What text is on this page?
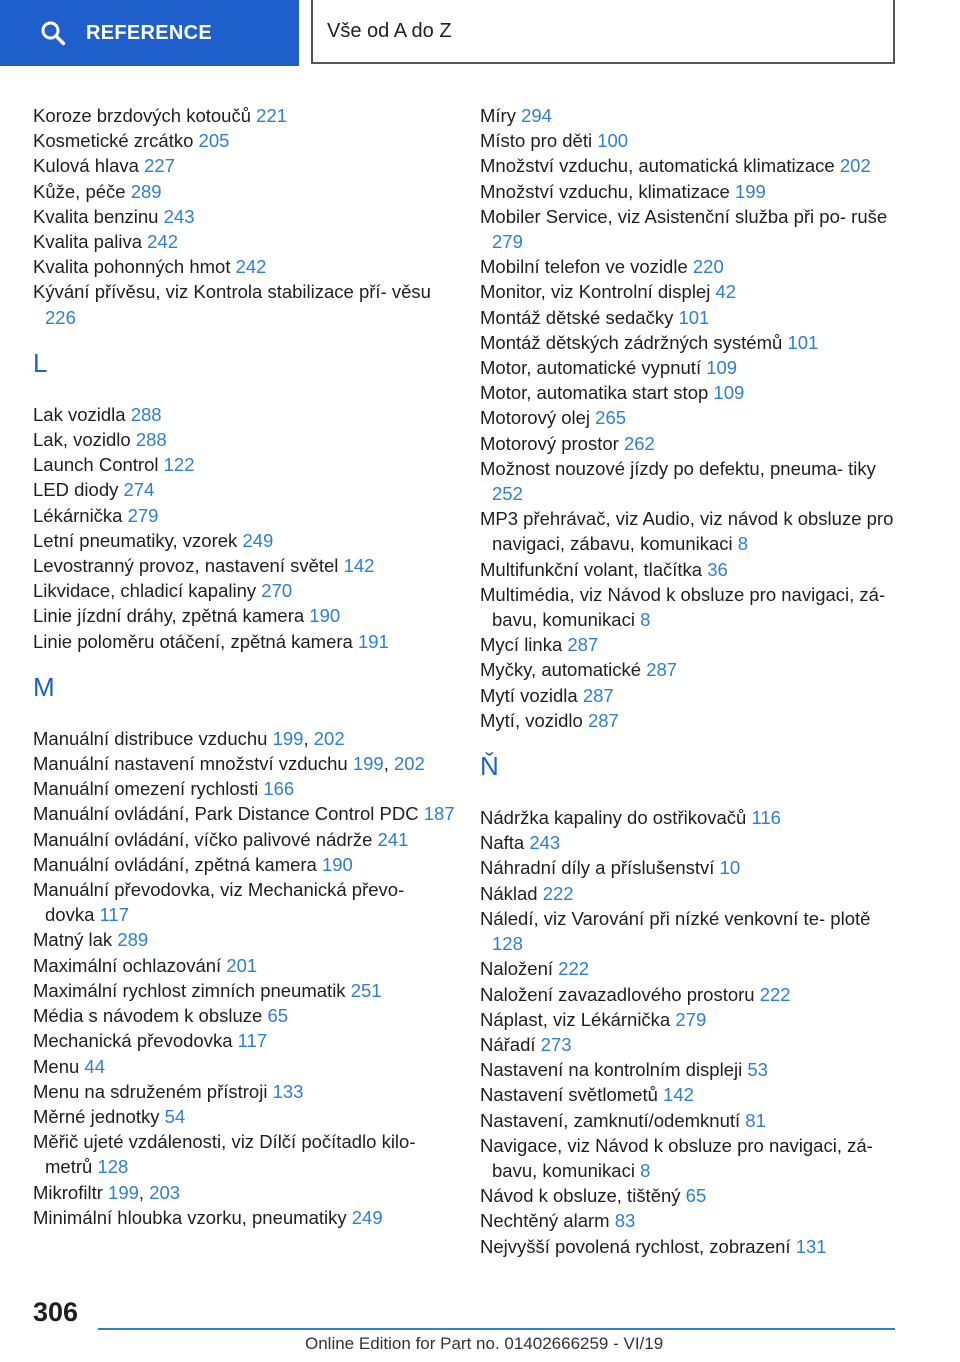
REFERENCE	Vše od A do Z
Koroze brzdových kotoučů 221
Kosmetické zrcátko 205
Kulová hlava 227
Kůže, péče 289
Kvalita benzinu 243
Kvalita paliva 242
Kvalita pohonných hmot 242
Kývání přívěsu, viz Kontrola stabilizace pří‐ věsu 226
L
Lak vozidla 288
Lak, vozidlo 288
Launch Control 122
LED diody 274
Lékárnička 279
Letní pneumatiky, vzorek 249
Levostranný provoz, nastavení světel 142
Likvidace, chladicí kapaliny 270
Linie jízdní dráhy, zpětná kamera 190
Linie poloměru otáčení, zpětná kamera 191
M
Manuální distribuce vzduchu 199, 202
Manuální nastavení množství vzduchu 199, 202
Manuální omezení rychlosti 166
Manuální ovládání, Park Distance Control PDC 187
Manuální ovládání, víčko palivové nádrže 241
Manuální ovládání, zpětná kamera 190
Manuální převodovka, viz Mechanická převo‐ dovka 117
Matný lak 289
Maximální ochlazování 201
Maximální rychlost zimních pneumatik 251
Média s návodem k obsluze 65
Mechanická převodovka 117
Menu 44
Menu na sdruženém přístroji 133
Měrné jednotky 54
Měřič ujeté vzdálenosti, viz Dílčí počítadlo kilo‐ metrů 128
Mikrofiltr 199, 203
Minimální hloubka vzorku, pneumatiky 249
Míry 294
Místo pro děti 100
Množství vzduchu, automatická klimatizace 202
Množství vzduchu, klimatizace 199
Mobiler Service, viz Asistenční služba při po‐ ruše 279
Mobilní telefon ve vozidle 220
Monitor, viz Kontrolní displej 42
Montáž dětské sedačky 101
Montáž dětských zádržných systémů 101
Motor, automatické vypnutí 109
Motor, automatika start stop 109
Motorový olej 265
Motorový prostor 262
Možnost nouzové jízdy po defektu, pneuma‐ tiky 252
MP3 přehrávač, viz Audio, viz návod k obsluze pro navigaci, zábavu, komunikaci 8
Multifunkční volant, tlačítka 36
Multimédia, viz Návod k obsluze pro navigaci, zá‐ bavu, komunikaci 8
Mycí linka 287
Myčky, automatické 287
Mytí vozidla 287
Mytí, vozidlo 287
Ň
Nádržka kapaliny do ostřikovačů 116
Nafta 243
Náhradní díly a příslušenství 10
Náklad 222
Náledí, viz Varování při nízké venkovní te‐ plotě 128
Naložení 222
Naložení zavazadlového prostoru 222
Náplast, viz Lékárnička 279
Nářadí 273
Nastavení na kontrolním displeji 53
Nastavení světlometů 142
Nastavení, zamknutí/odemknutí 81
Navigace, viz Návod k obsluze pro navigaci, zá‐ bavu, komunikaci 8
Návod k obsluze, tištěný 65
Nechtěný alarm 83
Nejvyšší povolená rychlost, zobrazení 131
306
Online Edition for Part no. 01402666259 - VI/19
